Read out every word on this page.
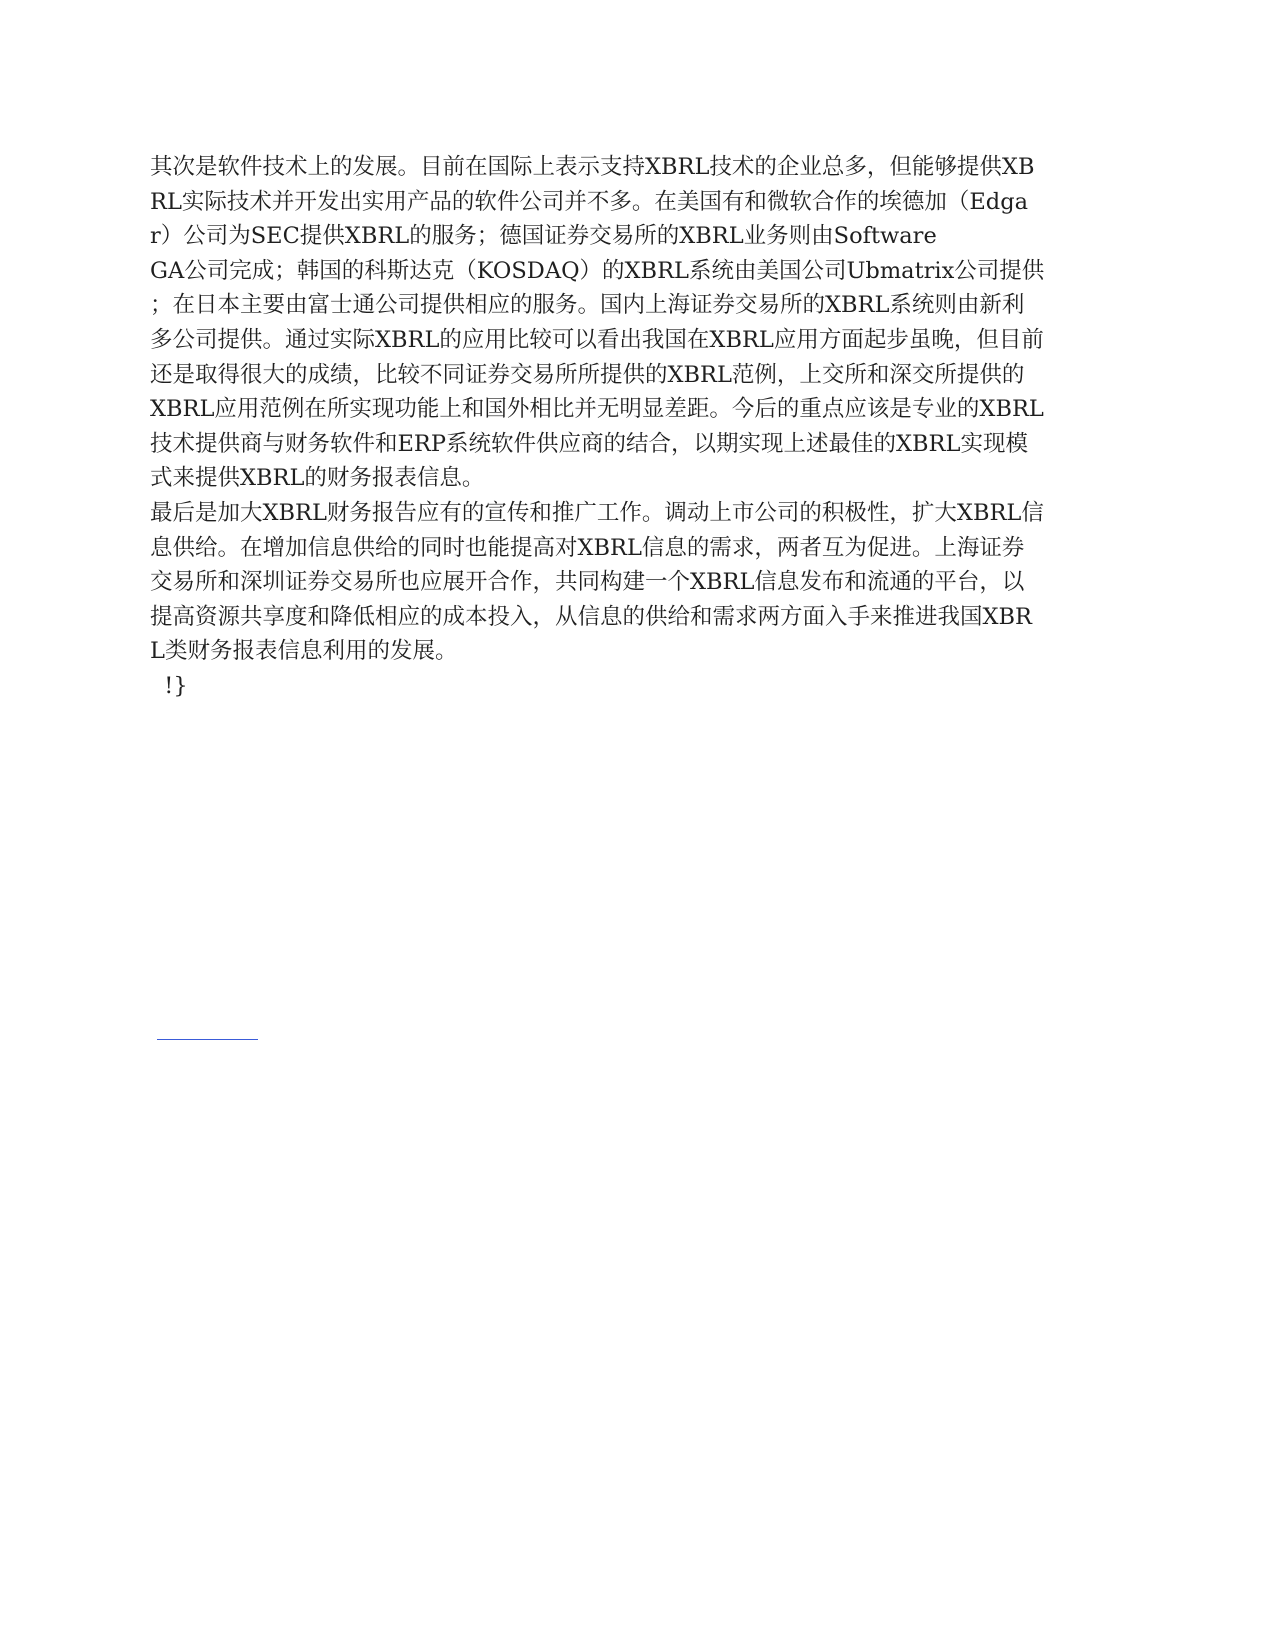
其次是软件技术上的发展。目前在国际上表示支持XBRL技术的企业总多，但能够提供XB
RL实际技术并开发出实用产品的软件公司并不多。在美国有和微软合作的埃德加（Edga
r）公司为SEC提供XBRL的服务；德国证券交易所的XBRL业务则由Software
GA公司完成；韩国的科斯达克（KOSDAQ）的XBRL系统由美国公司Ubmatrix公司提供
；在日本主要由富士通公司提供相应的服务。国内上海证券交易所的XBRL系统则由新利
多公司提供。通过实际XBRL的应用比较可以看出我国在XBRL应用方面起步虽晚，但目前
还是取得很大的成绩，比较不同证券交易所所提供的XBRL范例，上交所和深交所提供的
XBRL应用范例在所实现功能上和国外相比并无明显差距。今后的重点应该是专业的XBRL
技术提供商与财务软件和ERP系统软件供应商的结合，以期实现上述最佳的XBRL实现模
式来提供XBRL的财务报表信息。
最后是加大XBRL财务报告应有的宣传和推广工作。调动上市公司的积极性，扩大XBRL信
息供给。在增加信息供给的同时也能提高对XBRL信息的需求，两者互为促进。上海证券
交易所和深圳证券交易所也应展开合作，共同构建一个XBRL信息发布和流通的平台，以
提高资源共享度和降低相应的成本投入，从信息的供给和需求两方面入手来推进我国XBR
L类财务报表信息利用的发展。
!}
